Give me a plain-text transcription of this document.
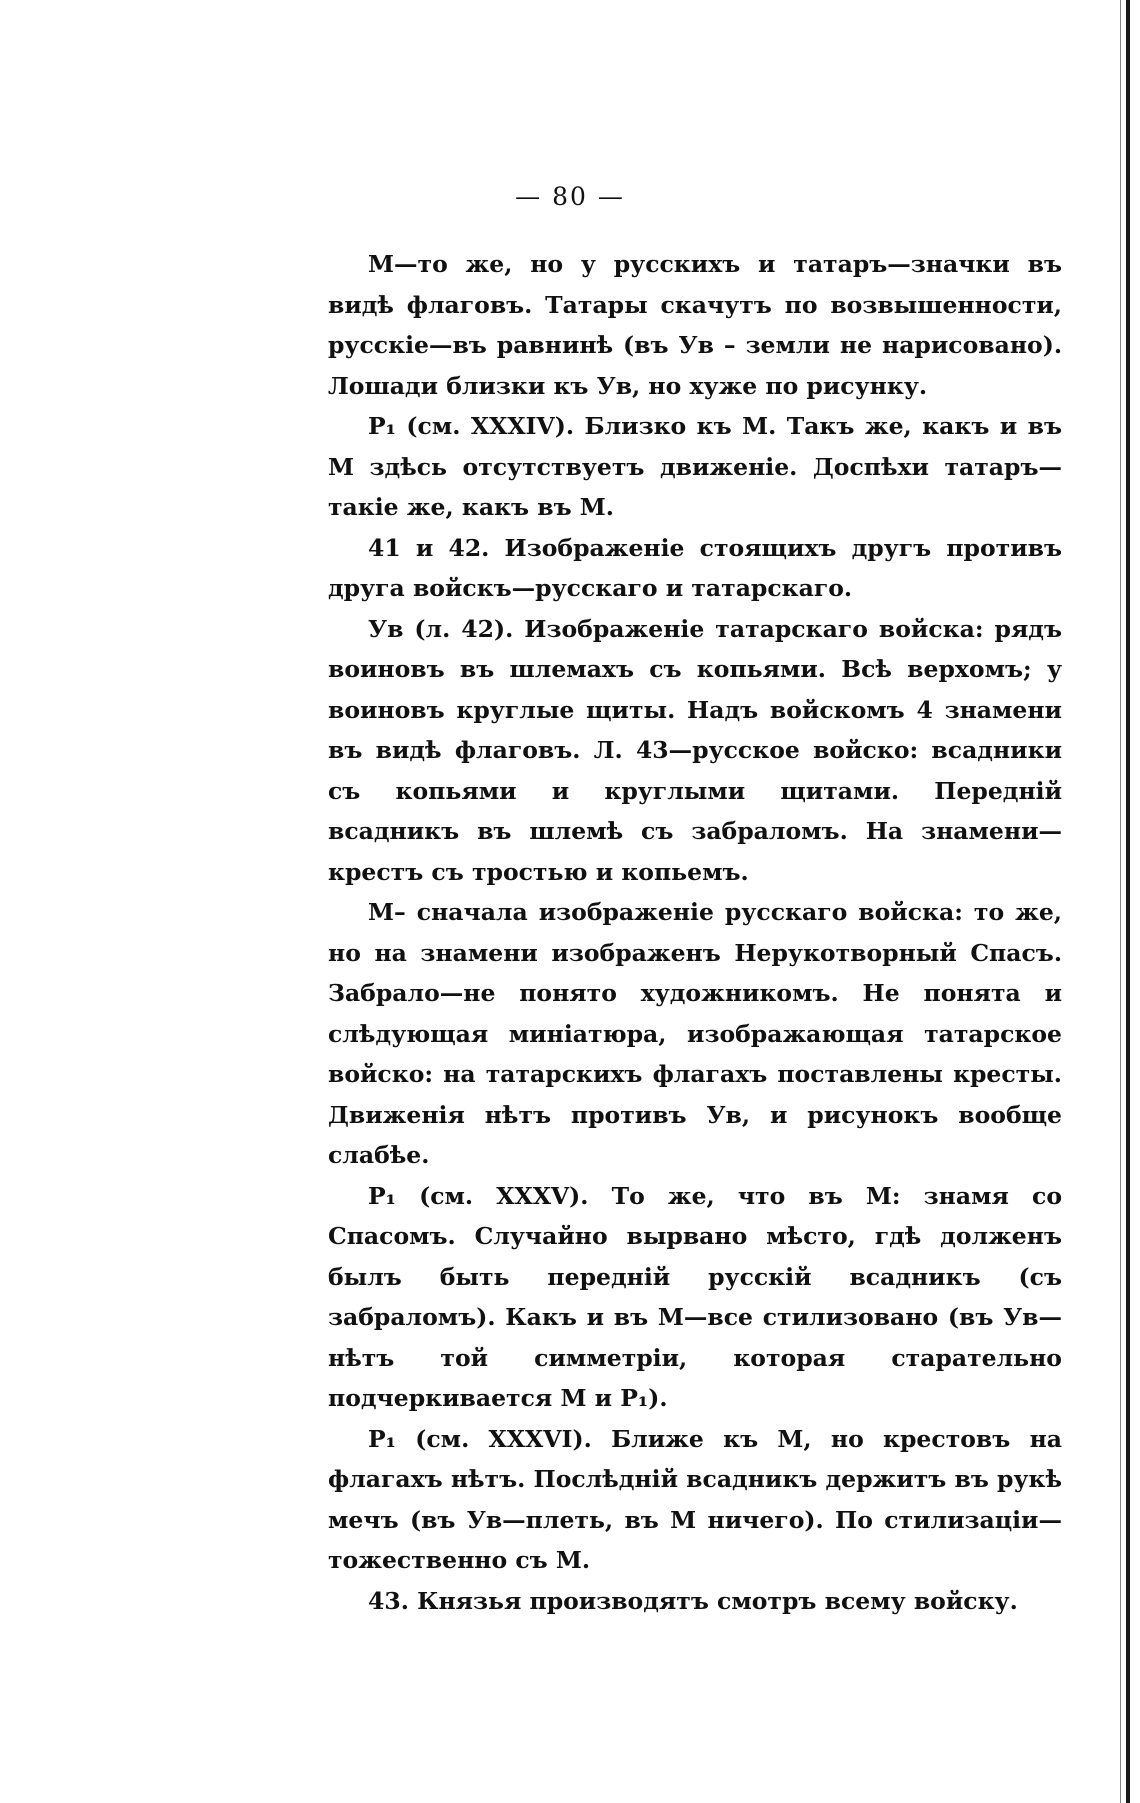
— 80 —

М—то же, но у русскихъ и татаръ—значки въ видѣ флаговъ. Татары скачутъ по возвышенности, русскіе—въ равнинѣ (въ Ув – земли не нарисовано). Лошади близки къ Ув, но хуже по рисунку.

Р₁ (см. XXXIV). Близко къ М. Такъ же, какъ и въ М здѣсь отсутствуетъ движеніе. Доспѣхи татаръ—такіе же, какъ въ М.

41 и 42. Изображеніе стоящихъ другъ противъ друга войскъ—русскаго и татарскаго.

Ув (л. 42). Изображеніе татарскаго войска: рядъ воиновъ въ шлемахъ съ копьями. Всѣ верхомъ; у воиновъ круглые щиты. Надъ войскомъ 4 знамени въ видѣ флаговъ. Л. 43—русское войско: всадники съ копьями и круглыми щитами. Передній всадникъ въ шлемѣ съ забраломъ. На знамени—крестъ съ тростью и копьемъ.

М– сначала изображеніе русскаго войска: то же, но на знамени изображенъ Нерукотворный Спасъ. Забрало—не понято художникомъ. Не понята и слѣдующая миніатюра, изображающая татарское войско: на татарскихъ флагахъ поставлены кресты. Движенія нѣтъ противъ Ув, и рисунокъ вообще слабѣе.

Р₁ (см. XXXV). То же, что въ М: знамя со Спасомъ. Случайно вырвано мѣсто, гдѣ долженъ былъ быть передній русскій всадникъ (съ забраломъ). Какъ и въ М—все стилизовано (въ Ув—нѣтъ той симметріи, которая старательно подчеркивается М и Р₁).

Р₁ (см. XXXVI). Ближе къ М, но крестовъ на флагахъ нѣтъ. Послѣдній всадникъ держитъ въ рукѣ мечъ (въ Ув—плеть, въ М ничего). По стилизаціи—тожественно съ М.

43. Князья производятъ смотръ всему войску.
